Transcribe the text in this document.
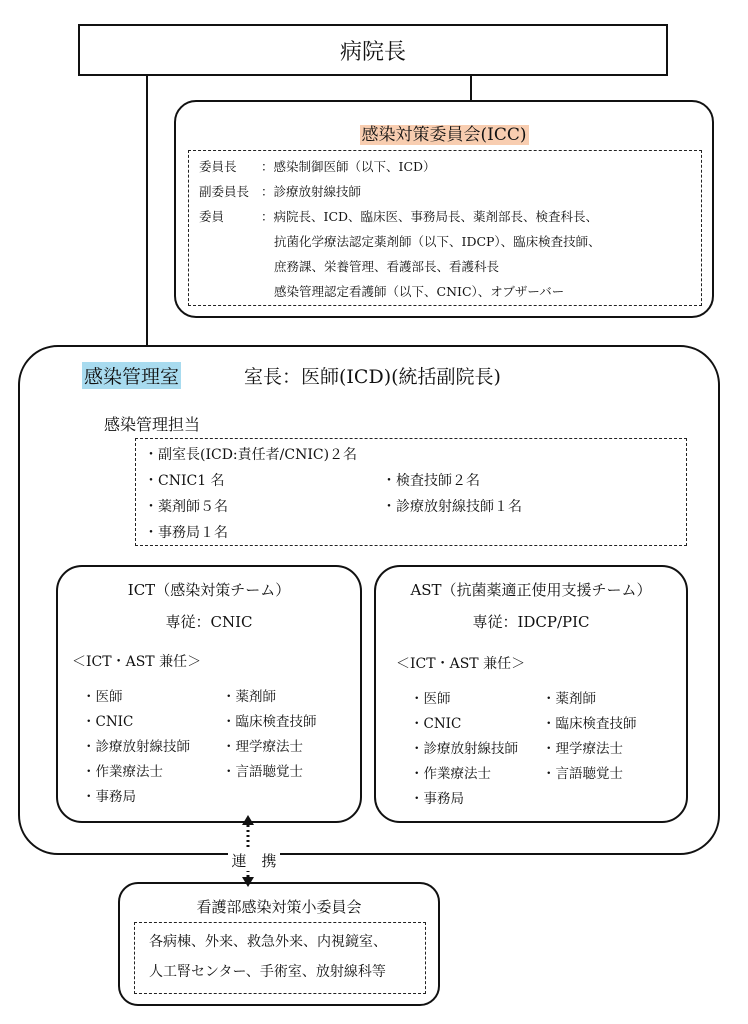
病院長
感染対策委員会(ICC)
委員長 ：感染制御医師（以下、ICD）
副委員長 ：診療放射線技師
委員	：病院長、ICD、臨床医、事務局長、薬剤部長、検査科長、
抗菌化学療法認定薬剤師（以下、IDCP）、臨床検査技師、
庶務課、栄養管理、看護部長、看護科長
感染管理認定看護師（以下、CNIC）、オブザーバー
感染管理室	室長：医師(ICD)(統括副院長)
感染管理担当
・副室長(ICD:責任者/CNIC)２名
・CNIC1 名	・検査技師２名
・薬剤師５名	・診療放射線技師１名
・事務局１名
ICT（感染対策チーム）
専従：CNIC
＜ICT・AST 兼任＞
・医師	・薬剤師
・CNIC	・臨床検査技師
・診療放射線技師 ・理学療法士
・作業療法士	・言語聴覚士
・事務局
AST（抗菌薬適正使用支援チーム）
専従：IDCP/PIC
＜ICT・AST 兼任＞
・医師	・薬剤師
・CNIC	・臨床検査技師
・診療放射線技師 ・理学療法士
・作業療法士	・言語聴覚士
・事務局
連　携
看護部感染対策小委員会
各病棟、外来、救急外来、内視鏡室、
人工腎センター、手術室、放射線科等
